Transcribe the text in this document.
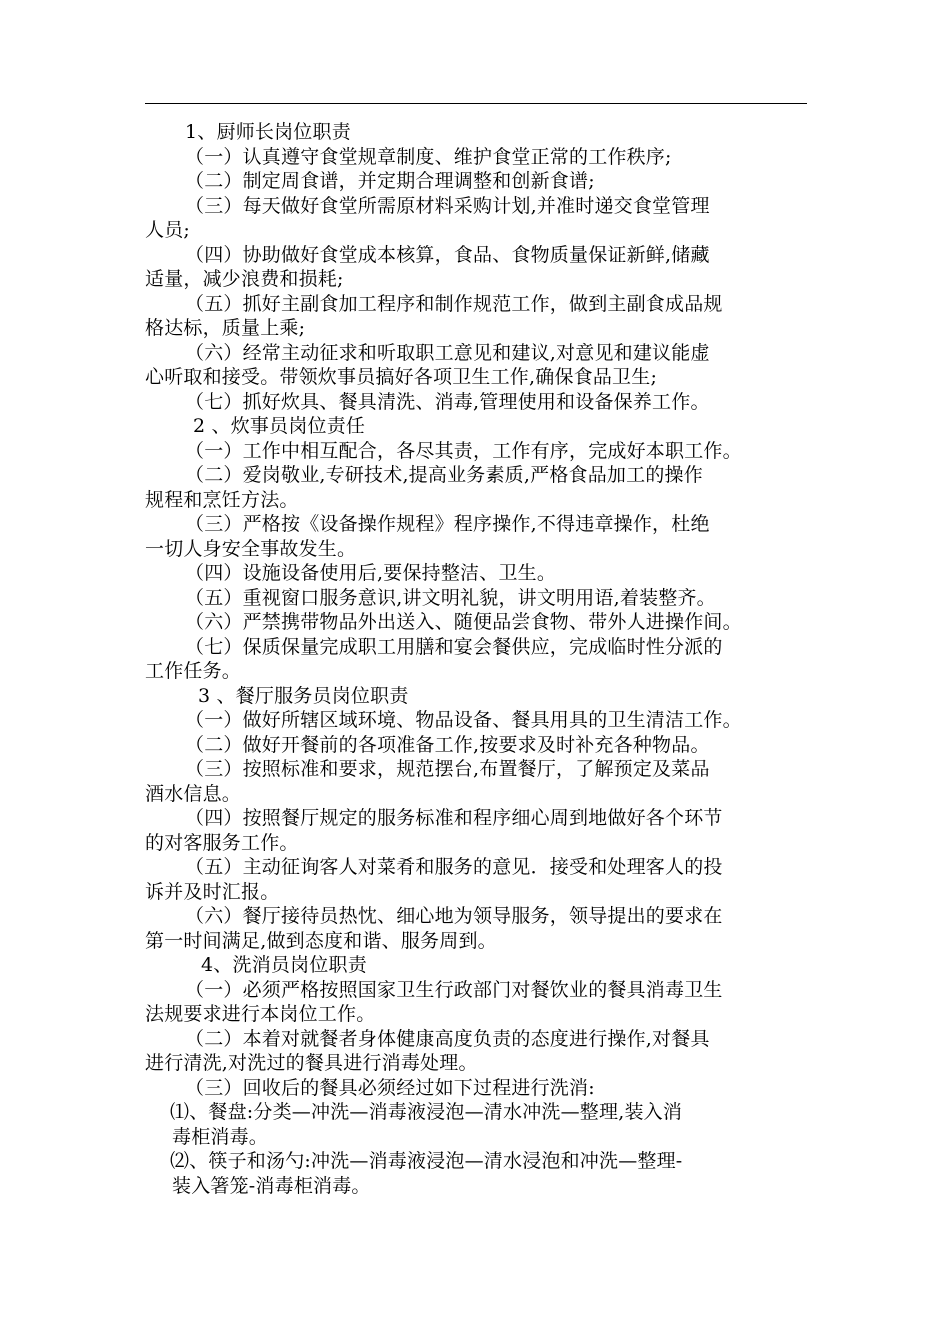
1、厨师长岗位职责
（一）认真遵守食堂规章制度、维护食堂正常的工作秩序;
（二）制定周食谱，并定期合理调整和创新食谱;
（三）每天做好食堂所需原材料采购计划,并准时递交食堂管理
人员;
（四）协助做好食堂成本核算，食品、食物质量保证新鲜,储藏
适量，减少浪费和损耗;
（五）抓好主副食加工程序和制作规范工作，做到主副食成品规
格达标，质量上乘;
（六）经常主动征求和听取职工意见和建议,对意见和建议能虚
心听取和接受。带领炊事员搞好各项卫生工作,确保食品卫生;
（七）抓好炊具、餐具清洗、消毒,管理使用和设备保养工作。
2 、炊事员岗位责任
（一）工作中相互配合，各尽其责，工作有序，完成好本职工作。
（二）爱岗敬业,专研技术,提高业务素质,严格食品加工的操作
规程和烹饪方法。
（三）严格按《设备操作规程》程序操作,不得违章操作，杜绝
一切人身安全事故发生。
（四）设施设备使用后,要保持整洁、卫生。
（五）重视窗口服务意识,讲文明礼貌，讲文明用语,着装整齐。
（六）严禁携带物品外出送入、随便品尝食物、带外人进操作间。
（七）保质保量完成职工用膳和宴会餐供应，完成临时性分派的
工作任务。
3 、餐厅服务员岗位职责
（一）做好所辖区域环境、物品设备、餐具用具的卫生清洁工作。
（二）做好开餐前的各项准备工作,按要求及时补充各种物品。
（三）按照标准和要求，规范摆台,布置餐厅，了解预定及菜品
酒水信息。
（四）按照餐厅规定的服务标准和程序细心周到地做好各个环节
的对客服务工作。
（五）主动征询客人对菜肴和服务的意见．接受和处理客人的投
诉并及时汇报。
（六）餐厅接待员热忱、细心地为领导服务，领导提出的要求在
第一时间满足,做到态度和谐、服务周到。
4、洗消员岗位职责
（一）必须严格按照国家卫生行政部门对餐饮业的餐具消毒卫生
法规要求进行本岗位工作。
（二）本着对就餐者身体健康高度负责的态度进行操作,对餐具
进行清洗,对洗过的餐具进行消毒处理。
（三）回收后的餐具必须经过如下过程进行洗消:
⑴、餐盘:分类—冲洗—消毒液浸泡—清水冲洗—整理,装入消
毒柜消毒。
⑵、筷子和汤勺:冲洗—消毒液浸泡—清水浸泡和冲洗—整理-
装入箸笼-消毒柜消毒。
